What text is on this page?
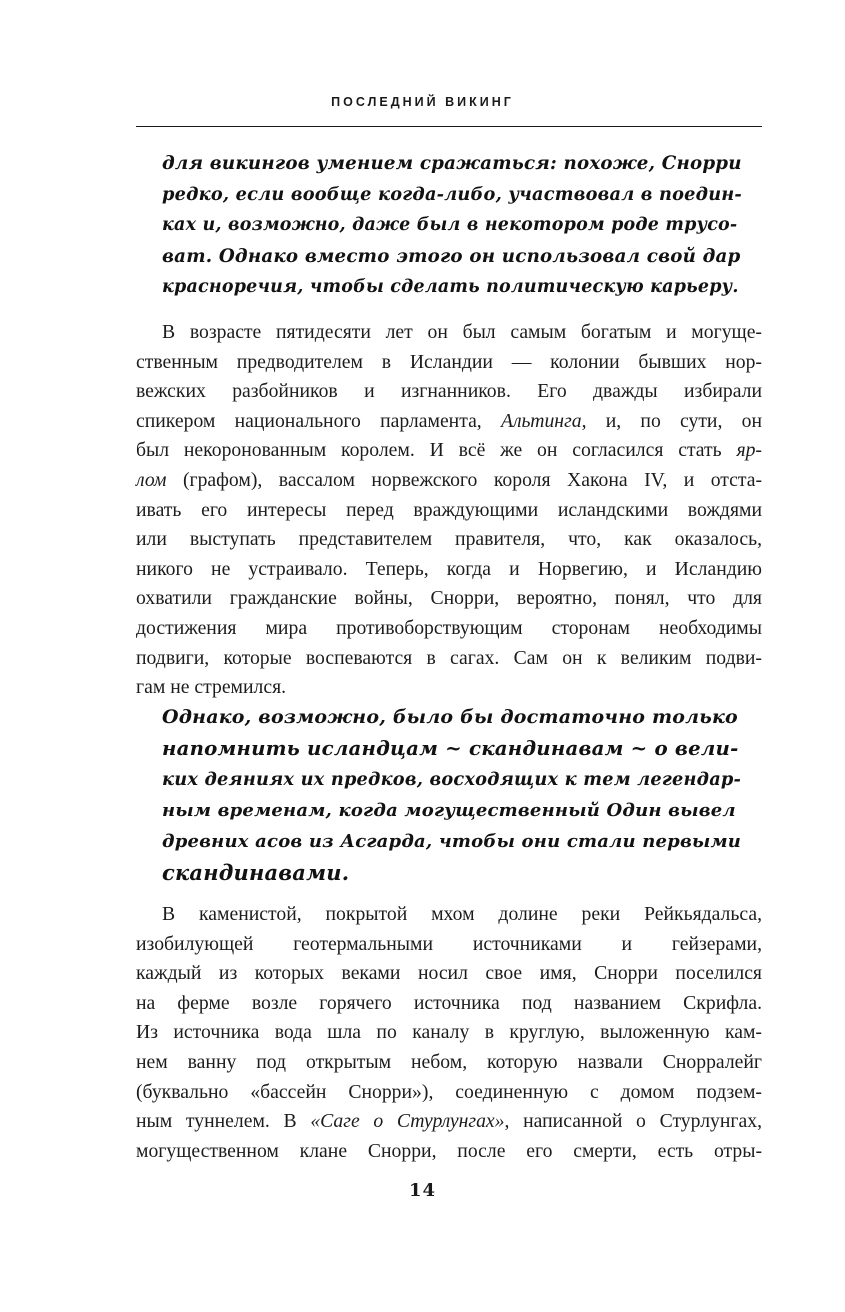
ПОСЛЕДНИЙ ВИКИНГ
для викингов умением сражаться: похоже, Снорри
редко, если вообще когда-либо, участвовал в поедин-
ках и, возможно, даже был в некотором роде трусо-
ват. Однако вместо этого он использовал свой дар
красноречия, чтобы сделать политическую карьеру.
В возрасте пятидесяти лет он был самым богатым и могуще-
ственным предводителем в Исландии — колонии бывших нор-
вежских разбойников и изгнанников. Его дважды избирали
спикером национального парламента, Альтинга, и, по сути, он
был некоронованным королем. И всё же он согласился стать яр-
лом (графом), вассалом норвежского короля Хакона IV, и отста-
ивать его интересы перед враждующими исландскими вождями
или выступать представителем правителя, что, как оказалось,
никого не устраивало. Теперь, когда и Норвегию, и Исландию
охватили гражданские войны, Снорри, вероятно, понял, что для
достижения мира противоборствующим сторонам необходимы
подвиги, которые воспеваются в сагах. Сам он к великим подви-
гам не стремился.
Однако, возможно, было бы достаточно только
напомнить исландцам ~ скандинавам ~ о вели-
ких деяниях их предков, восходящих к тем легендар-
ным временам, когда могущественный Один вывел
древних асов из Асгарда, чтобы они стали первыми
скандинавами.
В каменистой, покрытой мхом долине реки Рейкьядальса,
изобилующей геотермальными источниками и гейзерами,
каждый из которых веками носил свое имя, Снорри поселился
на ферме возле горячего источника под названием Скрифла.
Из источника вода шла по каналу в круглую, выложенную кам-
нем ванну под открытым небом, которую назвали Снорралейг
(буквально «бассейн Снорри»), соединенную с домом подзем-
ным туннелем. В «Саге о Стурлунгах», написанной о Стурлунгах,
могущественном клане Снорри, после его смерти, есть отры-
14
